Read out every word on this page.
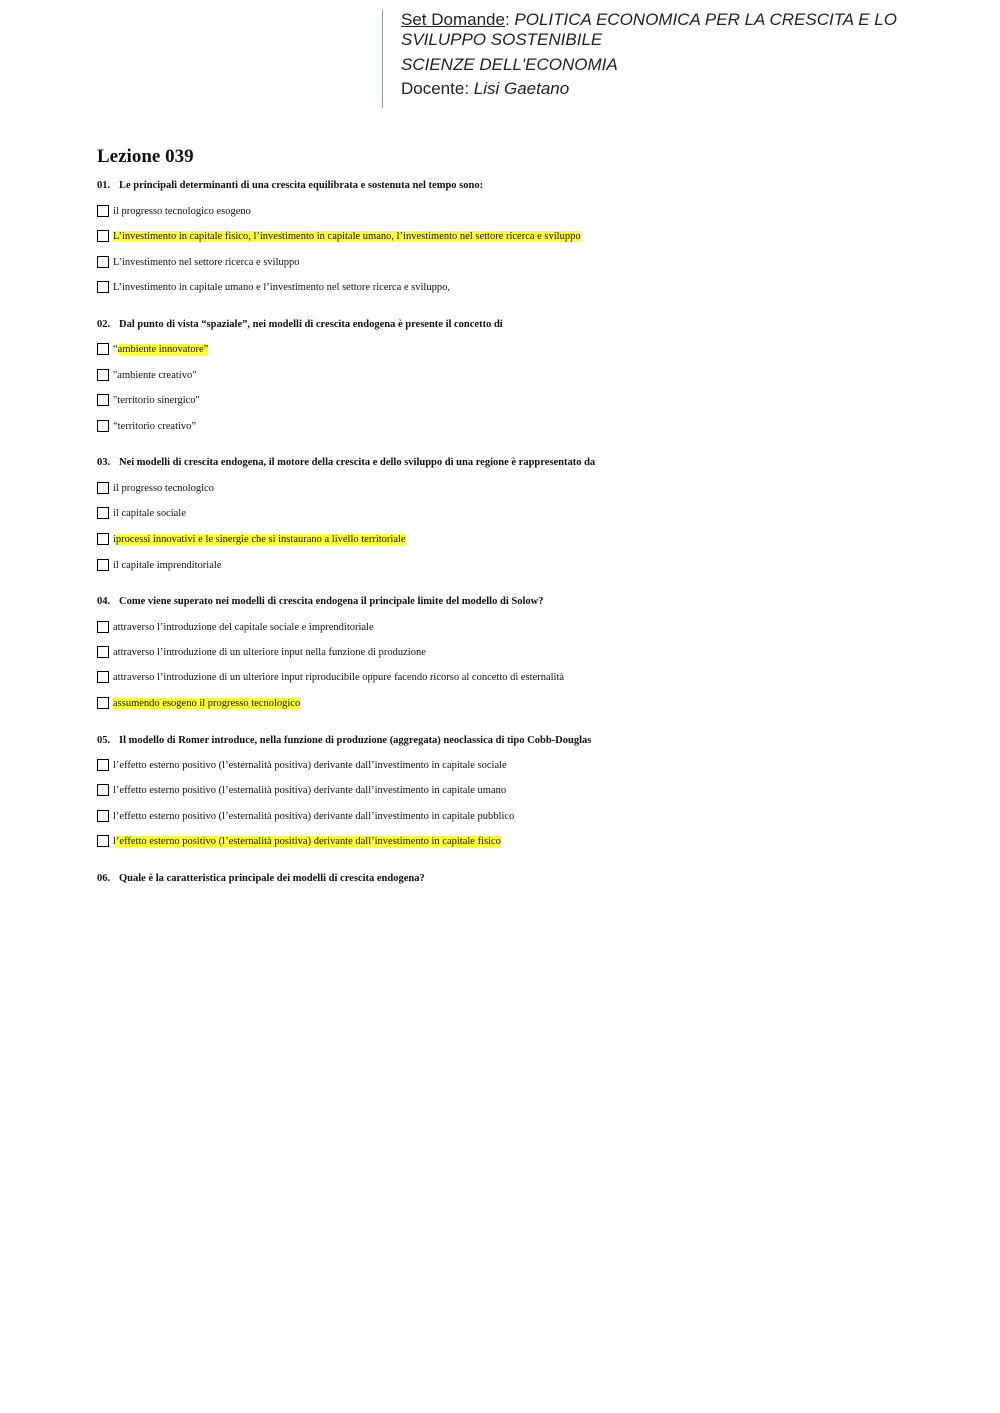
Set Domande: POLITICA ECONOMICA PER LA CRESCITA E LO
SVILUPPO SOSTENIBILE
SCIENZE DELL'ECONOMIA
Docente: Lisi Gaetano
Lezione 039
01. Le principali determinanti di una crescita equilibrata e sostenuta nel tempo sono:
il progresso tecnologico esogeno
L’investimento in capitale fisico, l’investimento in capitale umano, l’investimento nel settore ricerca e sviluppo
L’investimento nel settore ricerca e sviluppo
L’investimento in capitale umano e l’investimento nel settore ricerca e sviluppo,
02. Dal punto di vista “spaziale”, nei modelli di crescita endogena è presente il concetto di
“ ambiente innovatore”
"ambiente creativo"
"territorio sinergico"
“territorio creativo”
03. Nei modelli di crescita endogena, il motore della crescita e dello sviluppo di una regione è rappresentato da
il progresso tecnologico
il capitale sociale
i processi innovativi e le sinergie che si instaurano a livello territoriale
il capitale imprenditoriale
04. Come viene superato nei modelli di crescita endogena il principale limite del modello di Solow?
attraverso l’introduzione del capitale sociale e imprenditoriale
attraverso l’introduzione di un ulteriore input nella funzione di produzione
attraverso l’introduzione di un ulteriore input riproducibile oppure facendo ricorso al concetto di esternalità
assumendo esogeno il progresso tecnologico
05. Il modello di Romer introduce, nella funzione di produzione (aggregata) neoclassica di tipo Cobb-Douglas
l’effetto esterno positivo (l’esternalità positiva) derivante dall’investimento in capitale sociale
l’effetto esterno positivo (l’esternalità positiva) derivante dall’investimento in capitale umano
l’effetto esterno positivo (l’esternalità positiva) derivante dall’investimento in capitale pubblico
l ’effetto esterno positivo (l’esternalità positiva) derivante dall’investimento in capitale fisico
06. Quale è la caratteristica principale dei modelli di crescita endogena?
